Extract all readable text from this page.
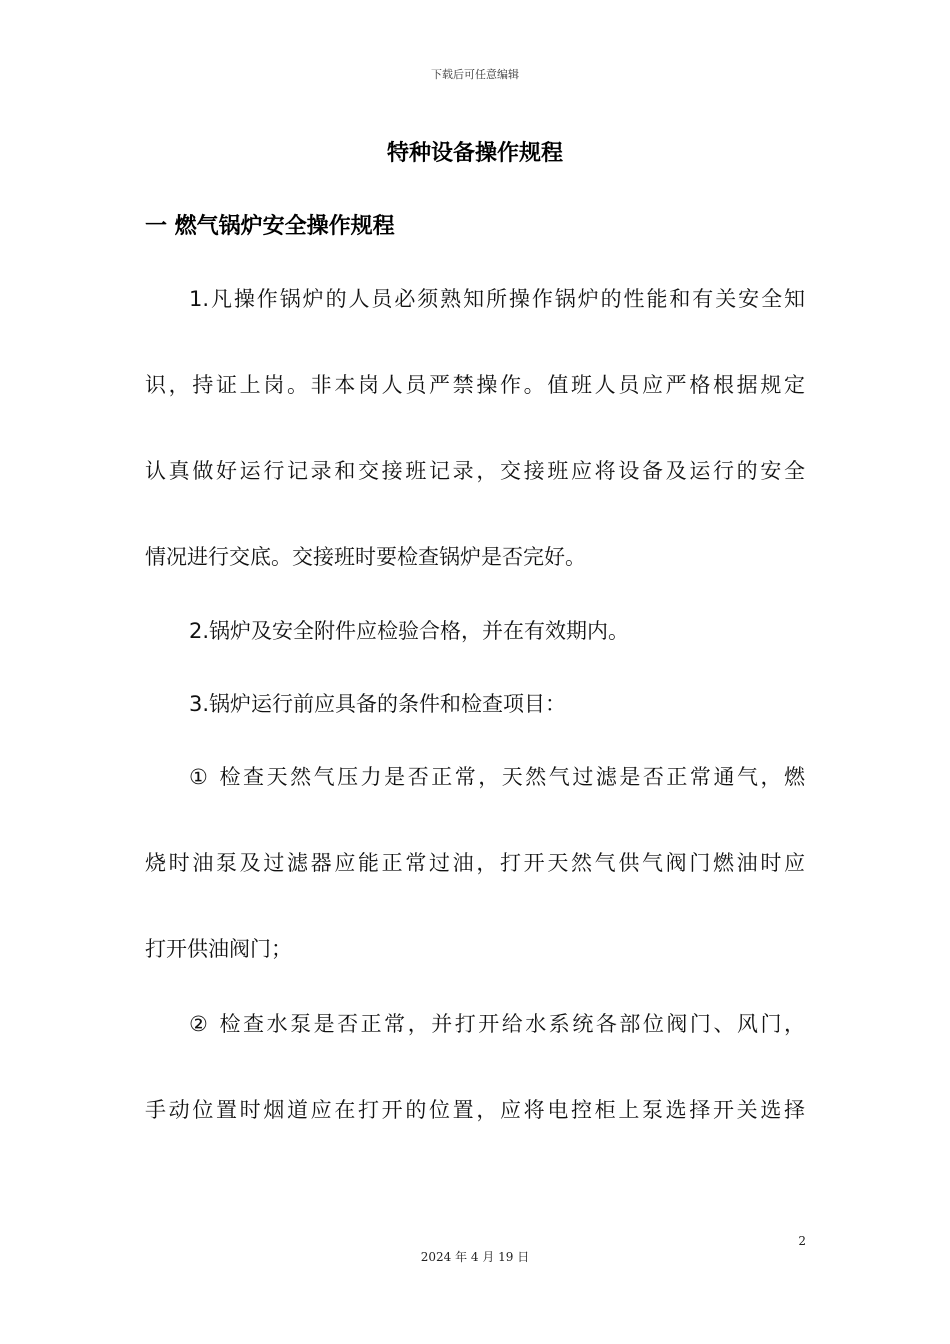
下载后可任意编辑
特种设备操作规程
一 燃气锅炉安全操作规程
1.凡操作锅炉的人员必须熟知所操作锅炉的性能和有关安全知
识，持证上岗。非本岗人员严禁操作。值班人员应严格根据规定
认真做好运行记录和交接班记录，交接班应将设备及运行的安全
情况进行交底。交接班时要检查锅炉是否完好。
2.锅炉及安全附件应检验合格，并在有效期内。
3.锅炉运行前应具备的条件和检查项目：
① 检查天然气压力是否正常，天然气过滤是否正常通气，燃
烧时油泵及过滤器应能正常过油，打开天然气供气阀门燃油时应
打开供油阀门；
② 检查水泵是否正常，并打开给水系统各部位阀门、风门，
手动位置时烟道应在打开的位置，应将电控柜上泵选择开关选择
2
2024 年 4 月 19 日
